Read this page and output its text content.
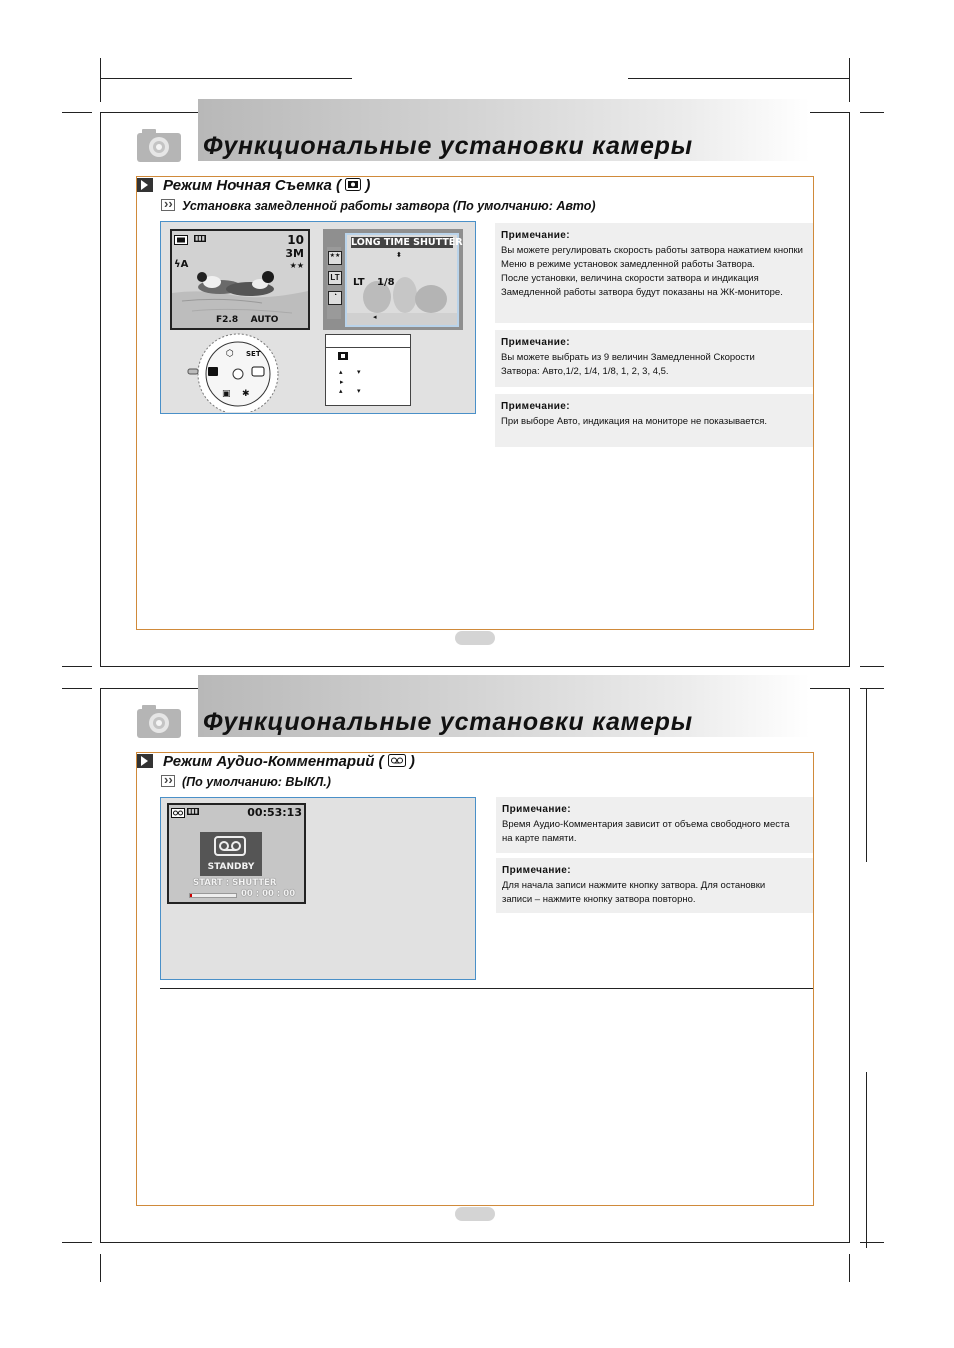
Функциональные установки камеры
Режим Ночная Съемка ( )
››
Установка замедленной работы затвора (По умолчанию: Авто)
▮▮▮	10
3M
★★
ϟA
F2.8    AUTO
★★
LT
◔
LONG TIME SHUTTER
⬍
LT 1/8
◂
⬡ SET
▣ ✱
▴ ▾
▸
▴ ▾
Примечание:
Вы можете регулировать скорость работы затвора нажатием кнопки
Меню в режиме установок замедленной работы Затвора.
После установки, величина скорости затвора и индикация
Замедленной работы затвора будут показаны на ЖК-мониторе.
Примечание:
Вы можете выбрать из 9 величин Замедленной Скорости
Затвора: Авто,1/2, 1/4, 1/8, 1, 2, 3, 4,5.
Примечание:
При выборе Авто, индикация на мониторе не показывается.
Функциональные установки камеры
Режим Аудио-Комментарий ( )
››
(По умолчанию: ВЫКЛ.)
▮▮▮	00:53:13
STANDBY
START : SHUTTER
00 : 00 : 00
Примечание:
Время Аудио-Комментария зависит от объема свободного места
на карте памяти.
Примечание:
Для начала записи нажмите кнопку затвора. Для остановки
записи – нажмите кнопку затвора повторно.
